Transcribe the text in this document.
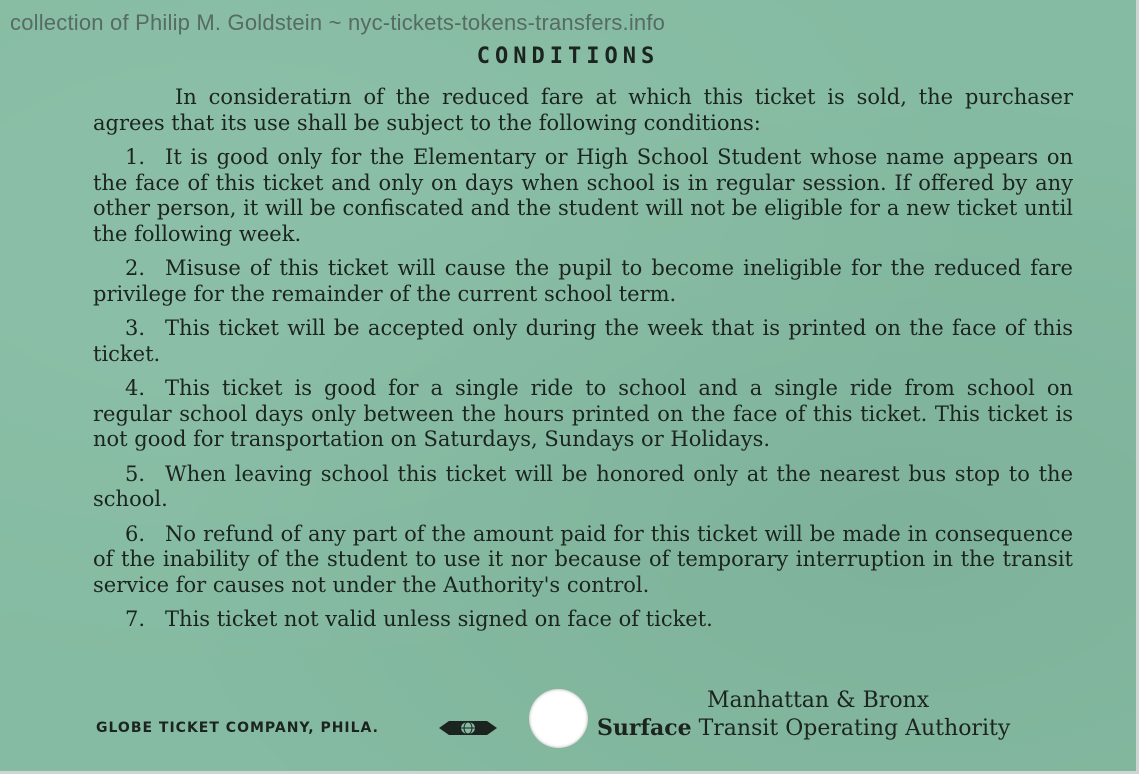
collection of Philip M. Goldstein ~ nyc-tickets-tokens-transfers.info
CONDITIONS

In consideratiᴊn of the reduced fare at which this ticket is sold, the purchaser agrees that its use shall be subject to the following conditions:

1. It is good only for the Elementary or High School Student whose name appears on the face of this ticket and only on days when school is in regular session. If offered by any other person, it will be confiscated and the student will not be eligible for a new ticket until the following week.

2. Misuse of this ticket will cause the pupil to become ineligible for the reduced fare privilege for the remainder of the current school term.

3. This ticket will be accepted only during the week that is printed on the face of this ticket.

4. This ticket is good for a single ride to school and a single ride from school on regular school days only between the hours printed on the face of this ticket. This ticket is not good for transportation on Saturdays, Sundays or Holidays.

5. When leaving school this ticket will be honored only at the nearest bus stop to the school.

6. No refund of any part of the amount paid for this ticket will be made in consequence of the inability of the student to use it nor because of temporary interruption in the transit service for causes not under the Authority's control.

7. This ticket not valid unless signed on face of ticket.

GLOBE TICKET COMPANY, PHILA.
Manhattan & Bronx
Surface Transit Operating Authority
